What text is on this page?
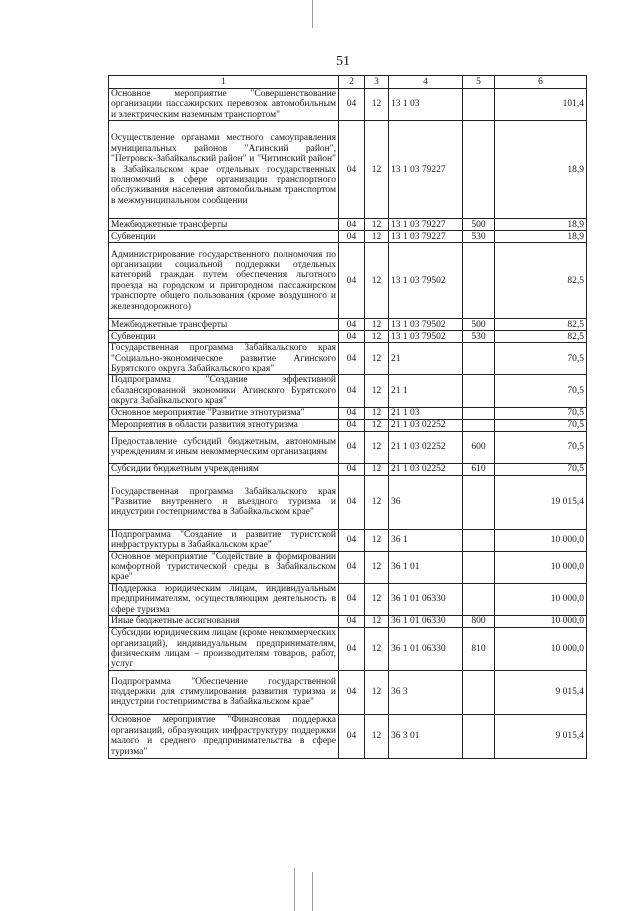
51
1	2	3	4	5	6
Основное мероприятие "Совершенствование организации пассажирских перевозок автомобильным и электрическим наземным транспортом"	04	12	13 1 03		101,4
Осуществление органами местного самоуправления муниципальных районов "Агинский район", "Петровск-Забайкальский район" и "Читинский район" в Забайкальском крае отдельных государственных полномочий в сфере организации транспортного обслуживания населения автомобильным транспортом в межмуниципальном сообщении	04	12	13 1 03 79227		18,9
Межбюджетные трансферты	04	12	13 1 03 79227	500	18,9
Субвенции	04	12	13 1 03 79227	530	18,9
Администрирование государственного полномочия по организации социальной поддержки отдельных категорий граждан путем обеспечения льготного проезда на городском и пригородном пассажирском транспорте общего пользования (кроме воздушного и железнодорожного)	04	12	13 1 03 79502		82,5
Межбюджетные трансферты	04	12	13 1 03 79502	500	82,5
Субвенции	04	12	13 1 03 79502	530	82,5
Государственная программа Забайкальского края "Социально-экономическое развитие Агинского Бурятского округа Забайкальского края"	04	12	21		70,5
Подпрограмма "Создание эффективной сбалансированной экономики Агинского Бурятского округа Забайкальского края"	04	12	21 1		70,5
Основное мероприятие "Развитие этнотуризма"	04	12	21 1 03		70,5
Мероприятия в области развития этнотуризма	04	12	21 1 03 02252		70,5
Предоставление субсидий бюджетным, автономным учреждениям и иным некоммерческим организациям	04	12	21 1 03 02252	600	70,5
Субсидии бюджетным учреждениям	04	12	21 1 03 02252	610	70,5
Государственная программа Забайкальского края "Развитие внутреннего и въездного туризма и индустрии гостеприимства в Забайкальском крае"	04	12	36		19 015,4
Подпрограмма "Создание и развитие туристской инфраструктуры в Забайкальском крае"	04	12	36 1		10 000,0
Основное мероприятие "Содействие в формировании комфортной туристической среды в Забайкальском крае"	04	12	36 1 01		10 000,0
Поддержка юридическим лицам, индивидуальным предпринимателям, осуществляющим деятельность в сфере туризма	04	12	36 1 01 06330		10 000,0
Иные бюджетные ассигнования	04	12	36 1 01 06330	800	10 000,0
Субсидии юридическим лицам (кроме некоммерческих организаций), индивидуальным предпринимателям, физическим лицам – производителям товаров, работ, услуг	04	12	36 1 01 06330	810	10 000,0
Подпрограмма "Обеспечение государственной поддержки для стимулирования развития туризма и индустрии гостеприимства в Забайкальском крае"	04	12	36 3		9 015,4
Основное мероприятие "Финансовая поддержка организаций, образующих инфраструктуру поддержки малого и среднего предпринимательства в сфере туризма"	04	12	36 3 01		9 015,4
